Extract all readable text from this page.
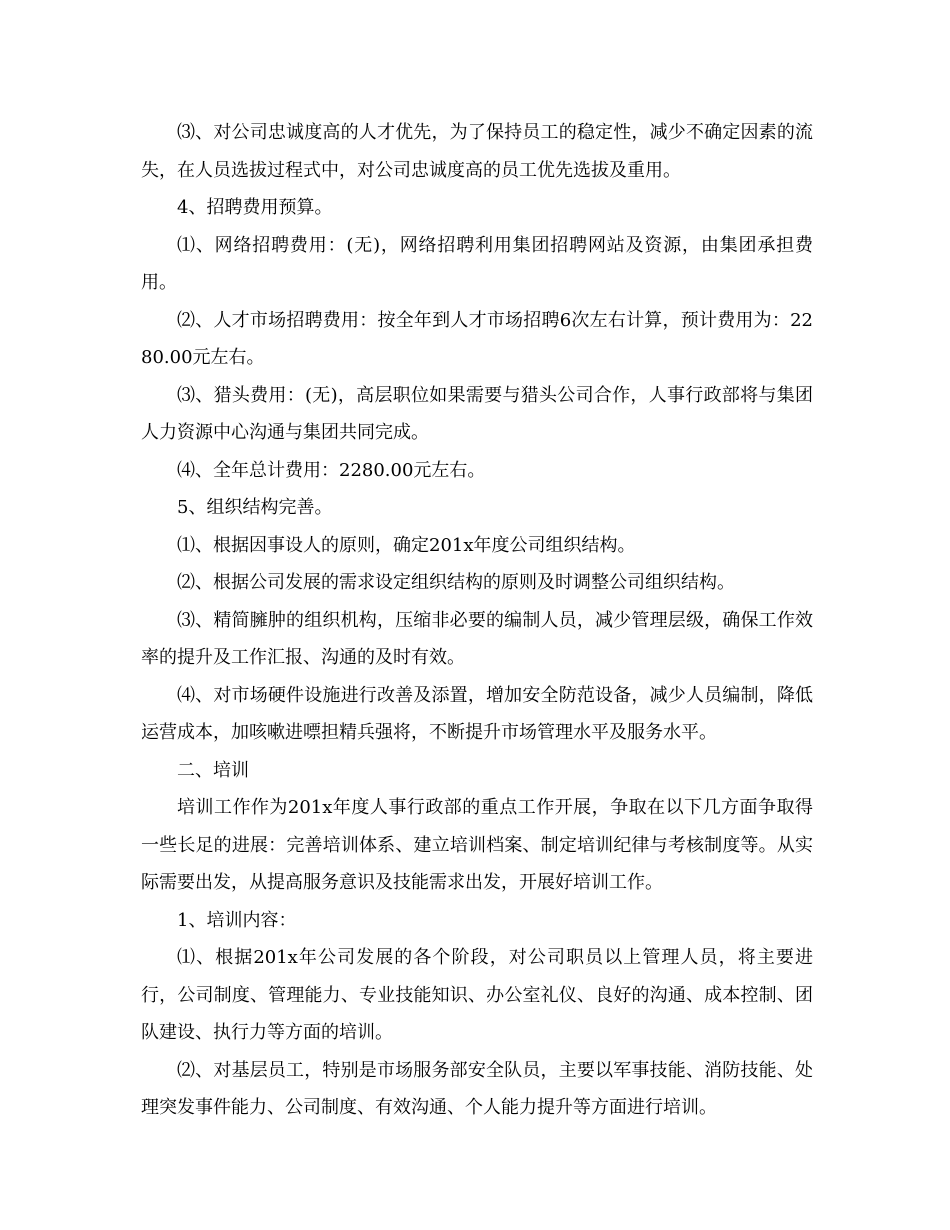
⑶、对公司忠诚度高的人才优先，为了保持员工的稳定性，减少不确定因素的流失，在人员选拔过程式中，对公司忠诚度高的员工优先选拔及重用。

4、招聘费用预算。

⑴、网络招聘费用：(无)，网络招聘利用集团招聘网站及资源，由集团承担费用。

⑵、人才市场招聘费用：按全年到人才市场招聘6次左右计算，预计费用为：2280.00元左右。

⑶、猎头费用：(无)，高层职位如果需要与猎头公司合作，人事行政部将与集团人力资源中心沟通与集团共同完成。

⑷、全年总计费用：2280.00元左右。

5、组织结构完善。

⑴、根据因事设人的原则，确定201x年度公司组织结构。

⑵、根据公司发展的需求设定组织结构的原则及时调整公司组织结构。

⑶、精简臃肿的组织机构，压缩非必要的编制人员，减少管理层级，确保工作效率的提升及工作汇报、沟通的及时有效。

⑷、对市场硬件设施进行改善及添置，增加安全防范设备，减少人员编制，降低运营成本，加咳嗽进嘌担精兵强将，不断提升市场管理水平及服务水平。

二、培训

培训工作作为201x年度人事行政部的重点工作开展，争取在以下几方面争取得一些长足的进展：完善培训体系、建立培训档案、制定培训纪律与考核制度等。从实际需要出发，从提高服务意识及技能需求出发，开展好培训工作。

1、培训内容：

⑴、根据201x年公司发展的各个阶段，对公司职员以上管理人员，将主要进行，公司制度、管理能力、专业技能知识、办公室礼仪、良好的沟通、成本控制、团队建设、执行力等方面的培训。

⑵、对基层员工，特别是市场服务部安全队员，主要以军事技能、消防技能、处理突发事件能力、公司制度、有效沟通、个人能力提升等方面进行培训。
